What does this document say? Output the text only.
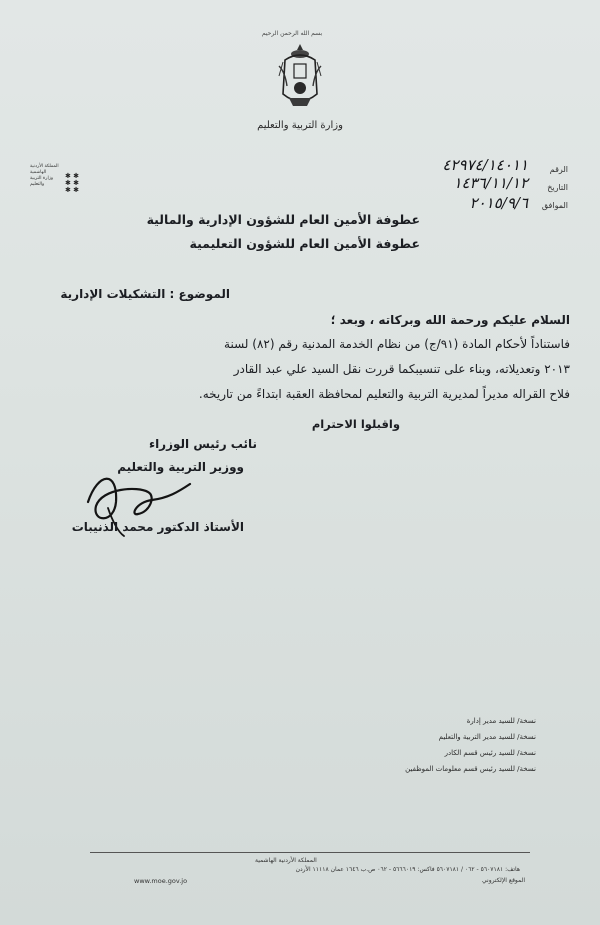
بسم الله الرحمن الرحيم
وزارة التربية والتعليم
المملكة الأردنية
الهاشمية
وزارة التربية
والتعليم
✱ ✱
✱ ✱
✱ ✱
الرقم
٤٢٩٧٤/١٤٠١١
التاريخ
١٤٣٦/١١/١٢
الموافق
٢٠١٥/٩/٦
عطوفة الأمين العام للشؤون الإدارية والمالية
عطوفة الأمين العام للشؤون التعليمية
الموضوع : التشكيلات الإدارية
السلام عليكم ورحمة الله وبركاته ، وبعد ؛
فاستناداً لأحكام المادة (٩١/ج) من نظام الخدمة المدنية رقم (٨٢) لسنة
٢٠١٣ وتعديلاته، وبناء على تنسيبكما قررت نقل السيد علي عبد القادر
فلاح القراله مديراً لمديرية التربية والتعليم لمحافظة العقبة ابتداءً من تاريخه.
واقبلوا الاحترام
نائب رئيس الوزراء
ووزير التربية والتعليم
الأستاذ الدكتور محمد الذنيبات
نسخة/ للسيد مدير إدارة
نسخة/ للسيد مدير التربية والتعليم
نسخة/ للسيد رئيس قسم الكادر
نسخة/ للسيد رئيس قسم معلومات الموظفين
المملكة الأردنية الهاشمية
هاتف: ٥٦٠٧١٨١ - ٠٦٢ / ٥٦٠٧١٨١ فاكس: ٥٦٦٦٠١٩ - ٠٦٢ ص.ب ١٦٤٦ عمان ١١١١٨ الأردن
www.moe.gov.jo	الموقع الإلكتروني
